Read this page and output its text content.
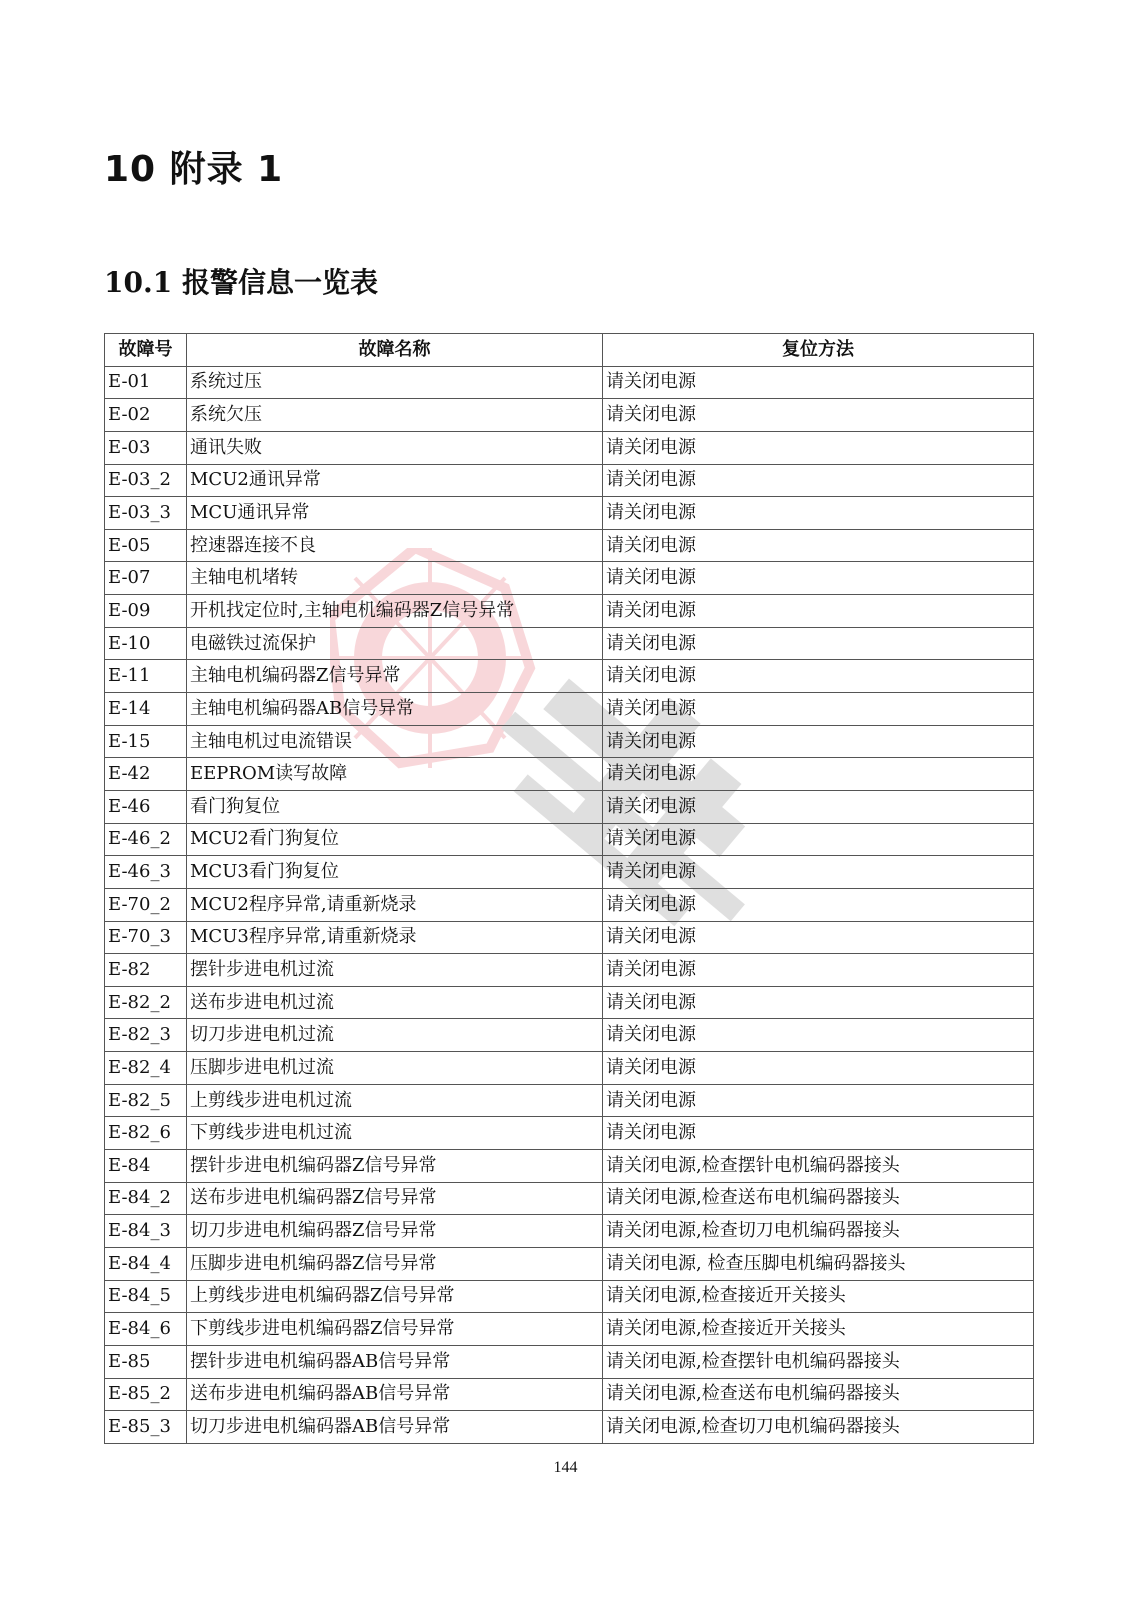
10 附录 1
10.1 报警信息一览表
故障号	故障名称	复位方法
E-01	系统过压	请关闭电源
E-02	系统欠压	请关闭电源
E-03	通讯失败	请关闭电源
E-03_2	MCU2通讯异常	请关闭电源
E-03_3	MCU通讯异常	请关闭电源
E-05	控速器连接不良	请关闭电源
E-07	主轴电机堵转	请关闭电源
E-09	开机找定位时,主轴电机编码器Z信号异常	请关闭电源
E-10	电磁铁过流保护	请关闭电源
E-11	主轴电机编码器Z信号异常	请关闭电源
E-14	主轴电机编码器AB信号异常	请关闭电源
E-15	主轴电机过电流错误	请关闭电源
E-42	EEPROM读写故障	请关闭电源
E-46	看门狗复位	请关闭电源
E-46_2	MCU2看门狗复位	请关闭电源
E-46_3	MCU3看门狗复位	请关闭电源
E-70_2	MCU2程序异常,请重新烧录	请关闭电源
E-70_3	MCU3程序异常,请重新烧录	请关闭电源
E-82	摆针步进电机过流	请关闭电源
E-82_2	送布步进电机过流	请关闭电源
E-82_3	切刀步进电机过流	请关闭电源
E-82_4	压脚步进电机过流	请关闭电源
E-82_5	上剪线步进电机过流	请关闭电源
E-82_6	下剪线步进电机过流	请关闭电源
E-84	摆针步进电机编码器Z信号异常	请关闭电源,检查摆针电机编码器接头
E-84_2	送布步进电机编码器Z信号异常	请关闭电源,检查送布电机编码器接头
E-84_3	切刀步进电机编码器Z信号异常	请关闭电源,检查切刀电机编码器接头
E-84_4	压脚步进电机编码器Z信号异常	请关闭电源, 检查压脚电机编码器接头
E-84_5	上剪线步进电机编码器Z信号异常	请关闭电源,检查接近开关接头
E-84_6	下剪线步进电机编码器Z信号异常	请关闭电源,检查接近开关接头
E-85	摆针步进电机编码器AB信号异常	请关闭电源,检查摆针电机编码器接头
E-85_2	送布步进电机编码器AB信号异常	请关闭电源,检查送布电机编码器接头
E-85_3	切刀步进电机编码器AB信号异常	请关闭电源,检查切刀电机编码器接头
144
